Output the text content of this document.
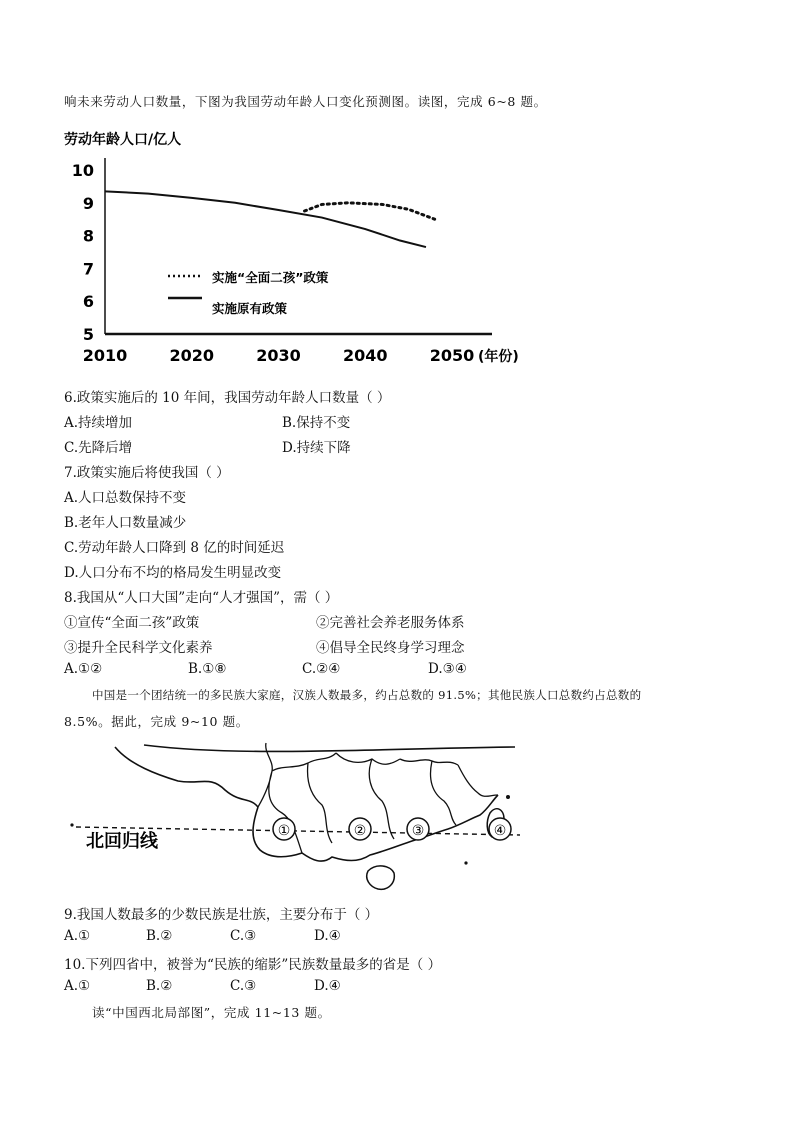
响未来劳动人口数量，下图为我国劳动年龄人口变化预测图。读图，完成 6~8 题。
劳动年龄人口/亿人
5
6
7
8
9
10
2010	2020	2030	2040	2050
实施“全面二孩”政策
实施原有政策
(年份)
6.政策实施后的 10 年间，我国劳动年龄人口数量（ ）
A.持续增加	B.保持不变
C.先降后增	D.持续下降
7.政策实施后将使我国（ ）
A.人口总数保持不变
B.老年人口数量减少
C.劳动年龄人口降到 8 亿的时间延迟
D.人口分布不均的格局发生明显改变
8.我国从“人口大国”走向“人才强国”，需（ ）
①宣传“全面二孩”政策	②完善社会养老服务体系
③提升全民科学文化素养	④倡导全民终身学习理念
A.①②	B.①⑧	C.②④	D.③④
中国是一个团结统一的多民族大家庭，汉族人数最多，约占总数的 91.5%；其他民族人口总数约占总数的
8.5%。据此，完成 9~10 题。
北回归线	①	②	③	④
9.我国人数最多的少数民族是壮族，主要分布于（ ）
A.①	B.②	C.③	D.④
10.下列四省中，被誉为“民族的缩影”民族数量最多的省是（ ）
A.①	B.②	C.③	D.④
读“中国西北局部图”，完成 11~13 题。
